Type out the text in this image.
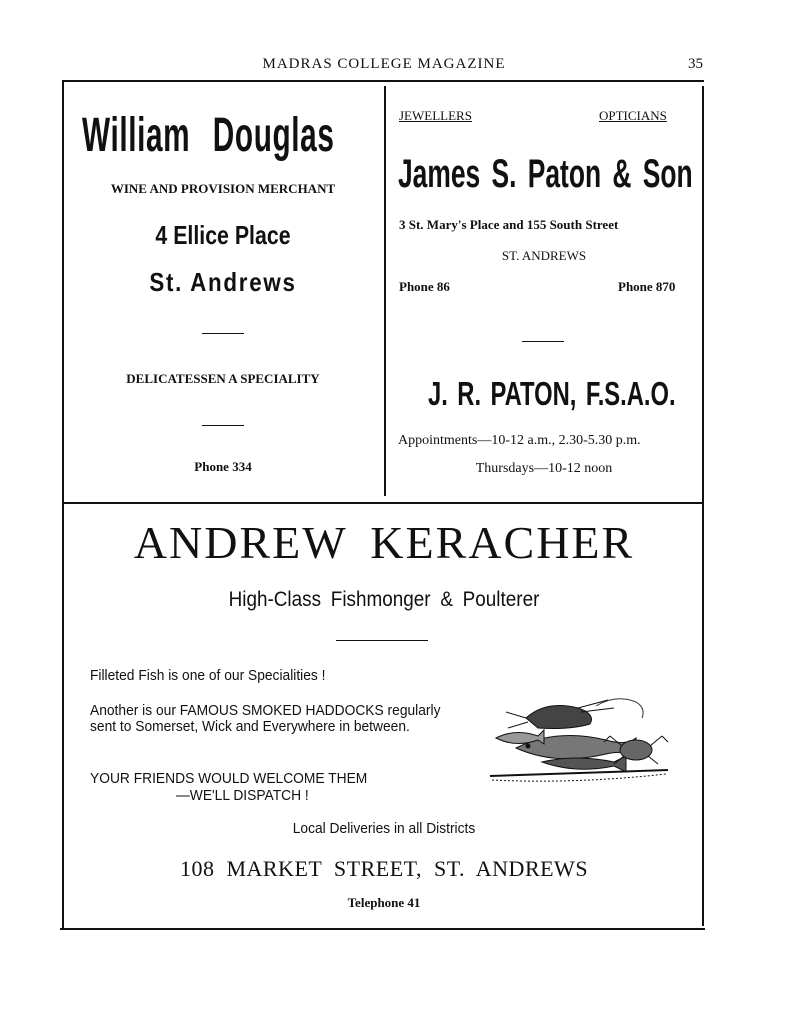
MADRAS COLLEGE MAGAZINE	35
William Douglas
WINE AND PROVISION MERCHANT
4 Ellice Place
St. Andrews
DELICATESSEN A SPECIALITY
Phone 334
JEWELLERS	OPTICIANS
James S. Paton & Son
3 St. Mary's Place and 155 South Street
ST. ANDREWS
Phone 86	Phone 870
J. R. PATON, F.S.A.O.
Appointments—10-12 a.m., 2.30-5.30 p.m.
Thursdays—10-12 noon
ANDREW KERACHER
High-Class Fishmonger & Poulterer
Filleted Fish is one of our Specialities !
Another is our FAMOUS SMOKED HADDOCKS regularly sent to Somerset, Wick and Everywhere in between.
YOUR FRIENDS WOULD WELCOME THEM
—WE'LL DISPATCH !
Local Deliveries in all Districts
108 MARKET STREET, ST. ANDREWS
Telephone 41
